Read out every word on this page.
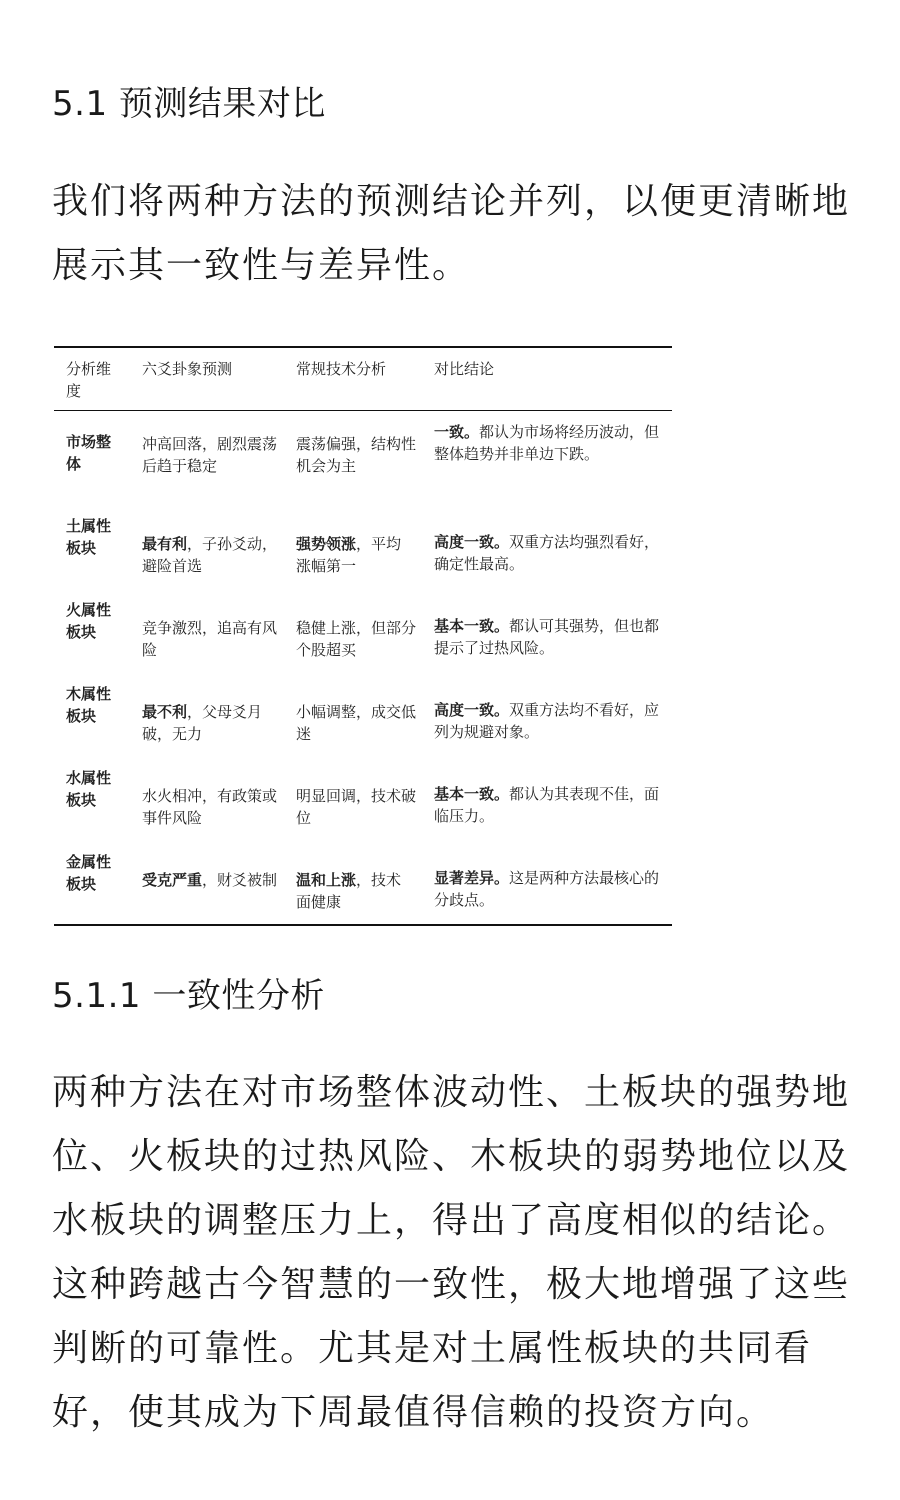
5.1 预测结果对比

我们将两种方法的预测结论并列，以便更清晰地展示其一致性与差异性。

分析维度	六爻卦象预测	常规技术分析	对比结论
市场整体	冲高回落，剧烈震荡后趋于稳定	震荡偏强，结构性机会为主	一致。都认为市场将经历波动，但整体趋势并非单边下跌。
土属性板块	最有利，子孙爻动，避险首选	强势领涨，平均涨幅第一	高度一致。双重方法均强烈看好，确定性最高。
火属性板块	竞争激烈，追高有风险	稳健上涨，但部分个股超买	基本一致。都认可其强势，但也都提示了过热风险。
木属性板块	最不利，父母爻月破，无力	小幅调整，成交低迷	高度一致。双重方法均不看好，应列为规避对象。
水属性板块	水火相冲，有政策或事件风险	明显回调，技术破位	基本一致。都认为其表现不佳，面临压力。
金属性板块	受克严重，财爻被制	温和上涨，技术面健康	显著差异。这是两种方法最核心的分歧点。
5.1.1 一致性分析

两种方法在对市场整体波动性、土板块的强势地位、火板块的过热风险、木板块的弱势地位以及水板块的调整压力上，得出了高度相似的结论。这种跨越古今智慧的一致性，极大地增强了这些判断的可靠性。尤其是对土属性板块的共同看好，使其成为下周最值得信赖的投资方向。
